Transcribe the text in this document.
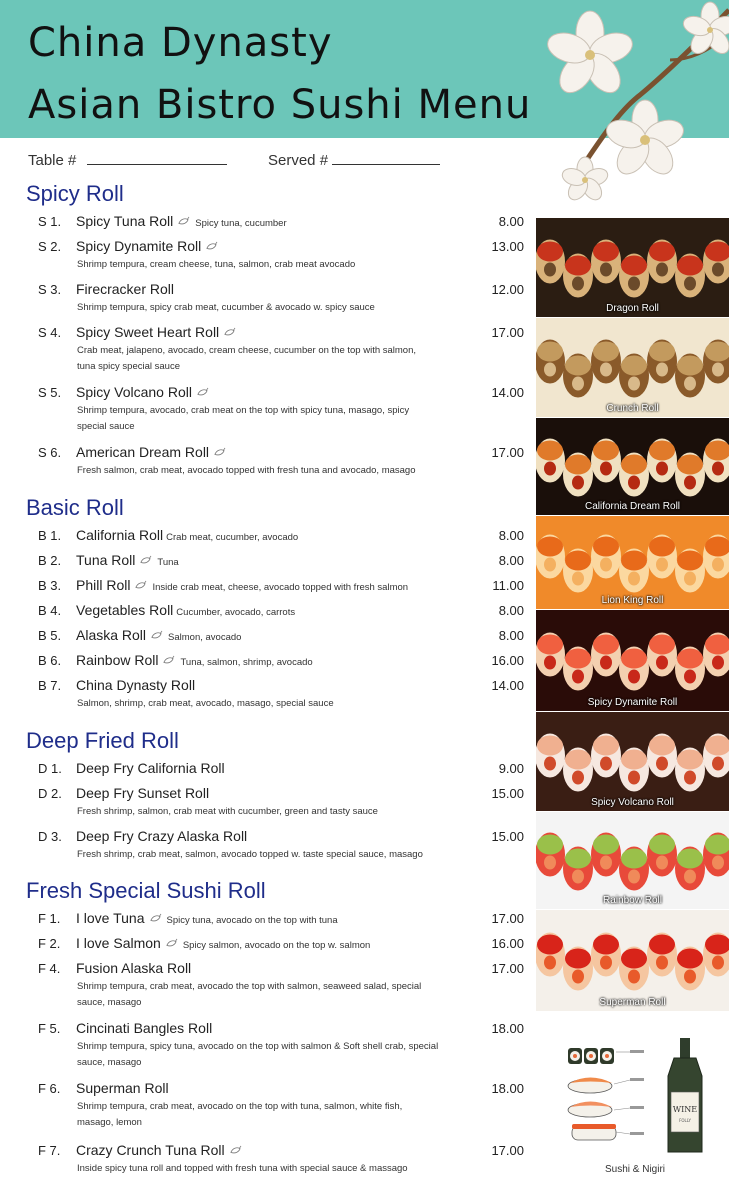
China Dynasty
Asian Bistro Sushi Menu
Table #	Served #
Spicy Roll
S 1. Spicy Tuna Roll Spicy tuna, cucumber	8.00
S 2. Spicy Dynamite Roll	13.00
Shrimp tempura, cream cheese, tuna, salmon, crab meat avocado
S 3. Firecracker Roll	12.00
Shrimp tempura, spicy crab meat, cucumber & avocado w. spicy sauce
S 4. Spicy Sweet Heart Roll	17.00
Crab meat, jalapeno, avocado, cream cheese, cucumber on the top with salmon,
tuna spicy special sauce
S 5. Spicy Volcano Roll	14.00
Shrimp tempura, avocado, crab meat on the top with spicy tuna, masago, spicy
special sauce
S 6. American Dream Roll	17.00
Fresh salmon, crab meat, avocado topped with fresh tuna and avocado, masago
Basic Roll
B 1. California Roll Crab meat, cucumber, avocado	8.00
B 2. Tuna Roll Tuna	8.00
B 3. Phill Roll Inside crab meat, cheese, avocado topped with fresh salmon	11.00
B 4. Vegetables Roll Cucumber, avocado, carrots	8.00
B 5. Alaska Roll Salmon, avocado	8.00
B 6. Rainbow Roll Tuna, salmon, shrimp, avocado	16.00
B 7. China Dynasty Roll	14.00
Salmon, shrimp, crab meat, avocado, masago, special sauce
Deep Fried Roll
D 1. Deep Fry California Roll	9.00
D 2. Deep Fry Sunset Roll	15.00
Fresh shrimp, salmon, crab meat with cucumber, green and tasty sauce
D 3. Deep Fry Crazy Alaska Roll	15.00
Fresh shrimp, crab meat, salmon, avocado topped w. taste special sauce, masago
Fresh Special Sushi Roll
F 1. I love Tuna Spicy tuna, avocado on the top with tuna	17.00
F 2. I love Salmon Spicy salmon, avocado on the top w. salmon	16.00
F 4. Fusion Alaska Roll	17.00
Shrimp tempura, crab meat, avocado the top with salmon, seaweed salad, special
sauce, masago
F 5. Cincinati Bangles Roll	18.00
Shrimp tempura, spicy tuna, avocado on the top with salmon & Soft shell crab, special
sauce, masago
F 6. Superman Roll	18.00
Shrimp tempura, crab meat, avocado on the top with tuna, salmon, white fish,
masago, lemon
F 7. Crazy Crunch Tuna Roll	17.00
Inside spicy tuna roll and topped with fresh tuna with special sauce & massago
Dragon Roll
Crunch Roll
California Dream Roll
Lion King Roll
Spicy Dynamite Roll
Spicy Volcano Roll
Rainbow Roll
Superman Roll
WINE
FOLLY
Sushi & Nigiri
